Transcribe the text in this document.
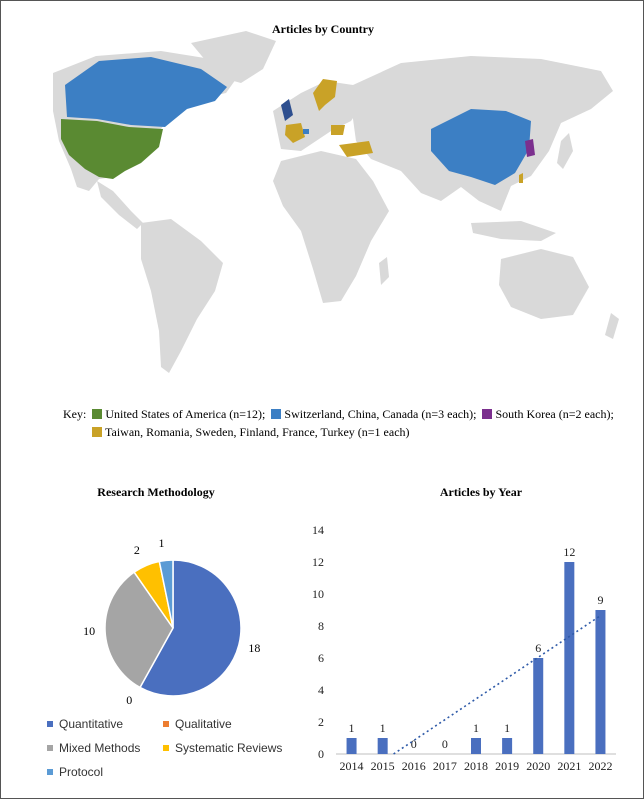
Articles by Country
Key: United States of America (n=12); Switzerland, China, Canada (n=3 each); South Korea (n=2 each);
Taiwan, Romania, Sweden, Finland, France, Turkey (n=1 each)
Research Methodology
18
0
10
2 1
Quantitative	Qualitative
Mixed Methods	Systematic Reviews
Protocol
Articles by Year
0
2
4
6
8
10
12
14
1
2014
1
2015
0
2016
0
2017
1
2018
1
2019
6
2020
12
2021
9
2022
